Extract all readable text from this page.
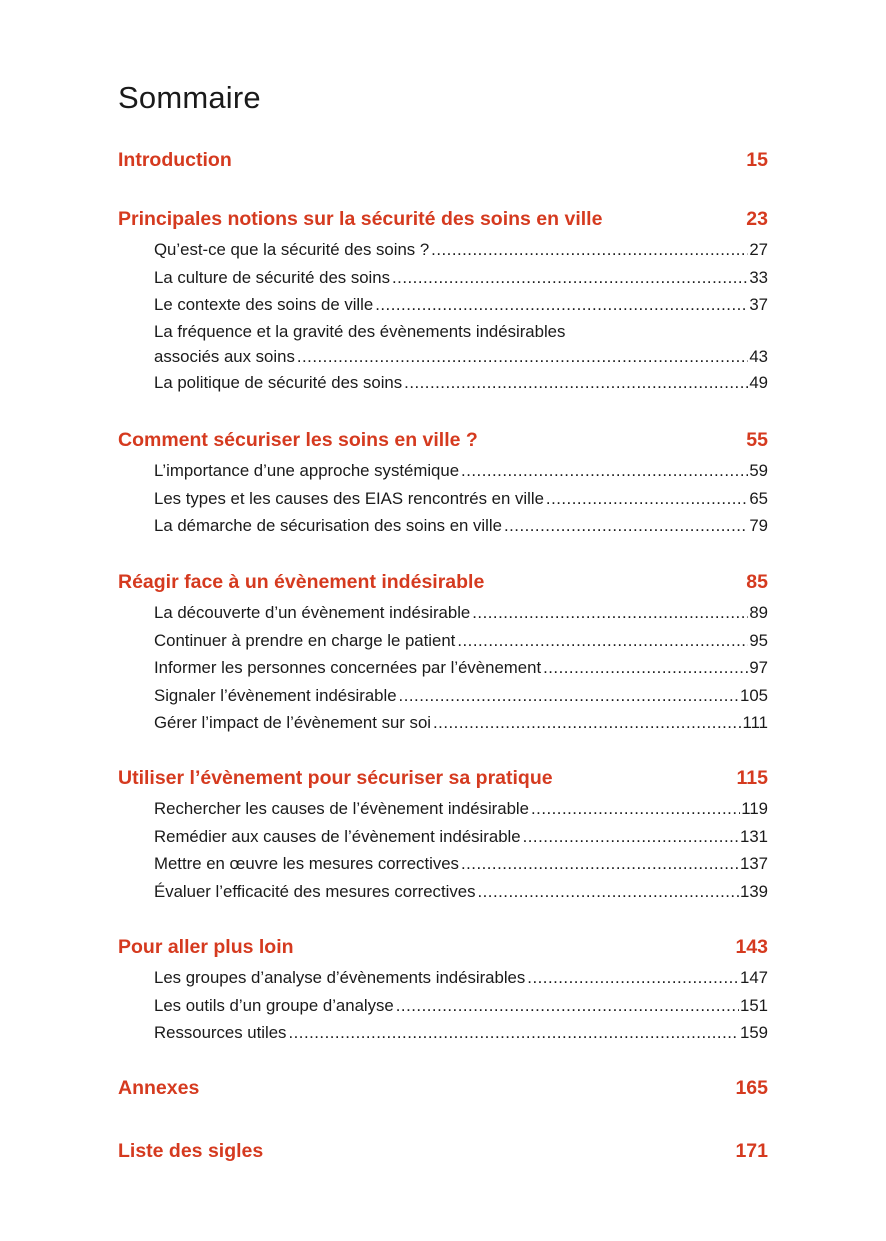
Sommaire
Introduction	15
Principales notions sur la sécurité des soins en ville	23
Qu’est-ce que la sécurité des soins ? .....	27
La culture de sécurité des soins .....	33
Le contexte des soins de ville .....	37
La fréquence et la gravité des évènements indésirables
associés aux soins .....	43
La politique de sécurité des soins .....	49
Comment sécuriser les soins en ville ?	55
L’importance d’une approche systémique .....	59
Les types et les causes des EIAS rencontrés en ville .....	65
La démarche de sécurisation des soins en ville .....	79
Réagir face à un évènement indésirable	85
La découverte d’un évènement indésirable .....	89
Continuer à prendre en charge le patient .....	95
Informer les personnes concernées par l’évènement .....	97
Signaler l’évènement indésirable .....	105
Gérer l’impact de l’évènement sur soi .....	111
Utiliser l’évènement pour sécuriser sa pratique	115
Rechercher les causes de l’évènement indésirable .....	119
Remédier aux causes de l’évènement indésirable .....	131
Mettre en œuvre les mesures correctives .....	137
Évaluer l’efficacité des mesures correctives .....	139
Pour aller plus loin	143
Les groupes d’analyse d’évènements indésirables .....	147
Les outils d’un groupe d’analyse .....	151
Ressources utiles .....	159
Annexes	165
Liste des sigles	171
